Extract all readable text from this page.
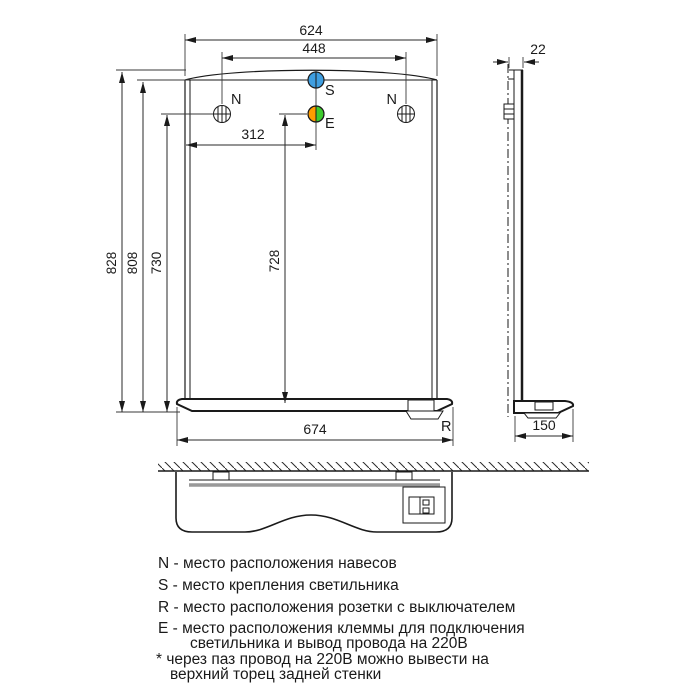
S
E
N	N
R
624
448
312
828 808 730	728
674
22
150
N - место расположения навесов
S - место крепления светильника
R - место расположения розетки с выключателем
E - место расположения клеммы для подключения
светильника и вывод провода на 220В
* через паз провод на 220В можно вывести на
верхний торец задней стенки
